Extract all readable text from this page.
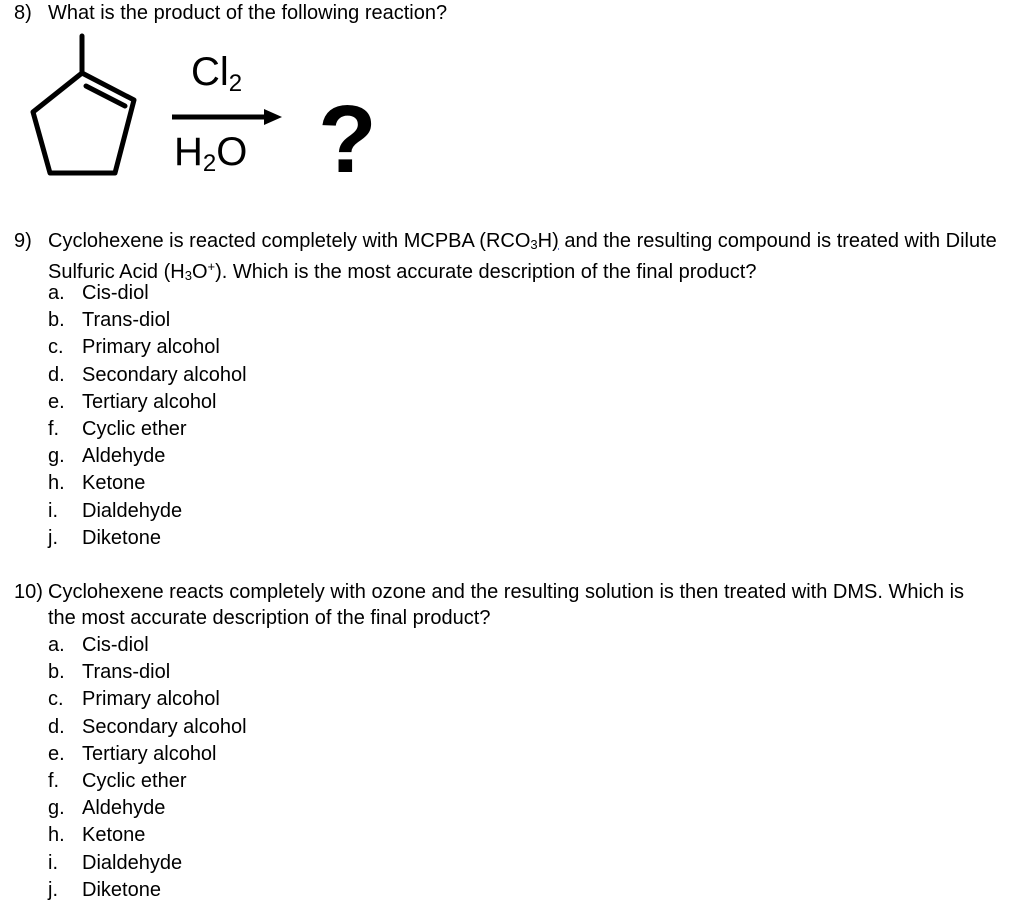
8) What is the product of the following reaction?
Cl2
H2O ?
9) Cyclohexene is reacted completely with MCPBA (RCO3H) and the resulting compound is treated with Dilute
Sulfuric Acid (H3O+). Which is the most accurate description of the final product?
a. Cis-diol
b. Trans-diol
c. Primary alcohol
d. Secondary alcohol
e. Tertiary alcohol
f. Cyclic ether
g. Aldehyde
h. Ketone
i. Dialdehyde
j. Diketone
10) Cyclohexene reacts completely with ozone and the resulting solution is then treated with DMS. Which is
the most accurate description of the final product?
a. Cis-diol
b. Trans-diol
c. Primary alcohol
d. Secondary alcohol
e. Tertiary alcohol
f. Cyclic ether
g. Aldehyde
h. Ketone
i. Dialdehyde
j. Diketone
